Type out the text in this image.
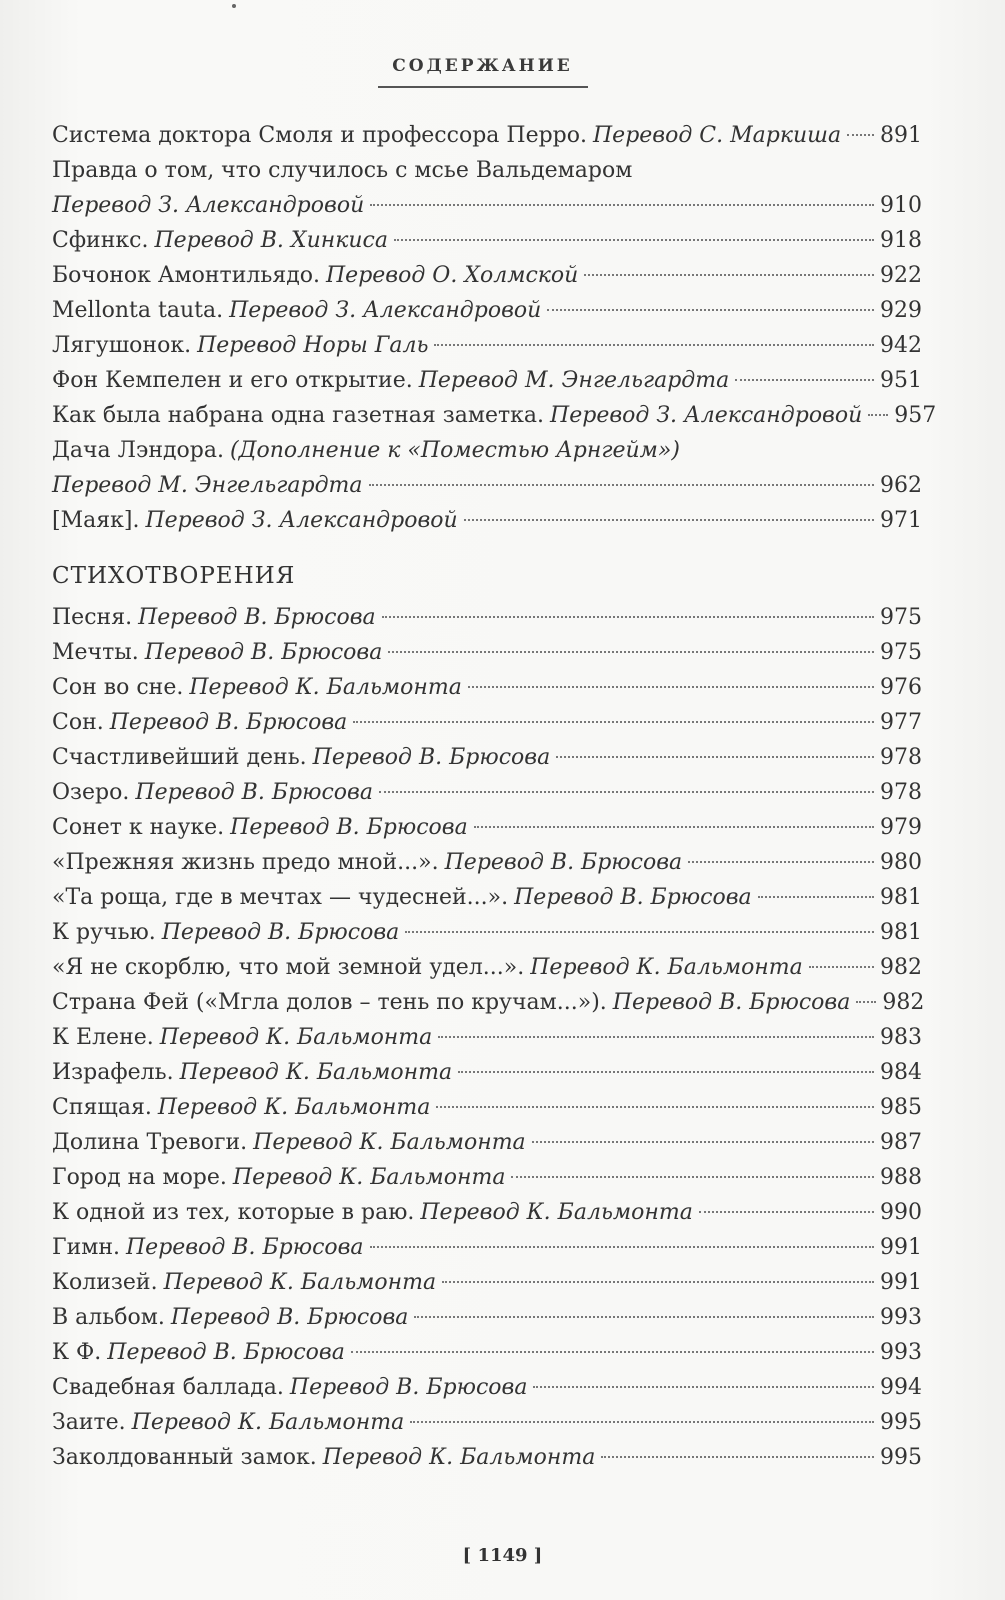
СОДЕРЖАНИЕ
Система доктора Смоля и профессора Перро. Перевод С. Маркиша 891
Правда о том, что случилось с мсье Вальдемаром
Перевод З. Александровой	910
Сфинкс. Перевод В. Хинкиса	918
Бочонок Амонтильядо. Перевод О. Холмской	922
Mellonta tauta. Перевод З. Александровой	929
Лягушонок. Перевод Норы Галь	942
Фон Кемпелен и его открытие. Перевод М. Энгельгардта	951
Как была набрана одна газетная заметка. Перевод З. Александровой 957
Дача Лэндора. (Дополнение к «Поместью Арнгейм»)
Перевод М. Энгельгардта	962
[Маяк]. Перевод З. Александровой	971
СТИХОТВОРЕНИЯ
Песня. Перевод В. Брюсова	975
Мечты. Перевод В. Брюсова	975
Сон во сне. Перевод К. Бальмонта	976
Сон. Перевод В. Брюсова	977
Счастливейший день. Перевод В. Брюсова	978
Озеро. Перевод В. Брюсова	978
Сонет к науке. Перевод В. Брюсова	979
«Прежняя жизнь предо мной...». Перевод В. Брюсова	980
«Та роща, где в мечтах — чудесней...». Перевод В. Брюсова	981
К ручью. Перевод В. Брюсова	981
«Я не скорблю, что мой земной удел...». Перевод К. Бальмонта	982
Страна Фей («Мгла долов – тень по кручам...»). Перевод В. Брюсова 982
К Елене. Перевод К. Бальмонта	983
Израфель. Перевод К. Бальмонта	984
Спящая. Перевод К. Бальмонта	985
Долина Тревоги. Перевод К. Бальмонта	987
Город на море. Перевод К. Бальмонта	988
К одной из тех, которые в раю. Перевод К. Бальмонта	990
Гимн. Перевод В. Брюсова	991
Колизей. Перевод К. Бальмонта	991
В альбом. Перевод В. Брюсова	993
К Ф. Перевод В. Брюсова	993
Свадебная баллада. Перевод В. Брюсова	994
Заите. Перевод К. Бальмонта	995
Заколдованный замок. Перевод К. Бальмонта	995
[ 1149 ]
